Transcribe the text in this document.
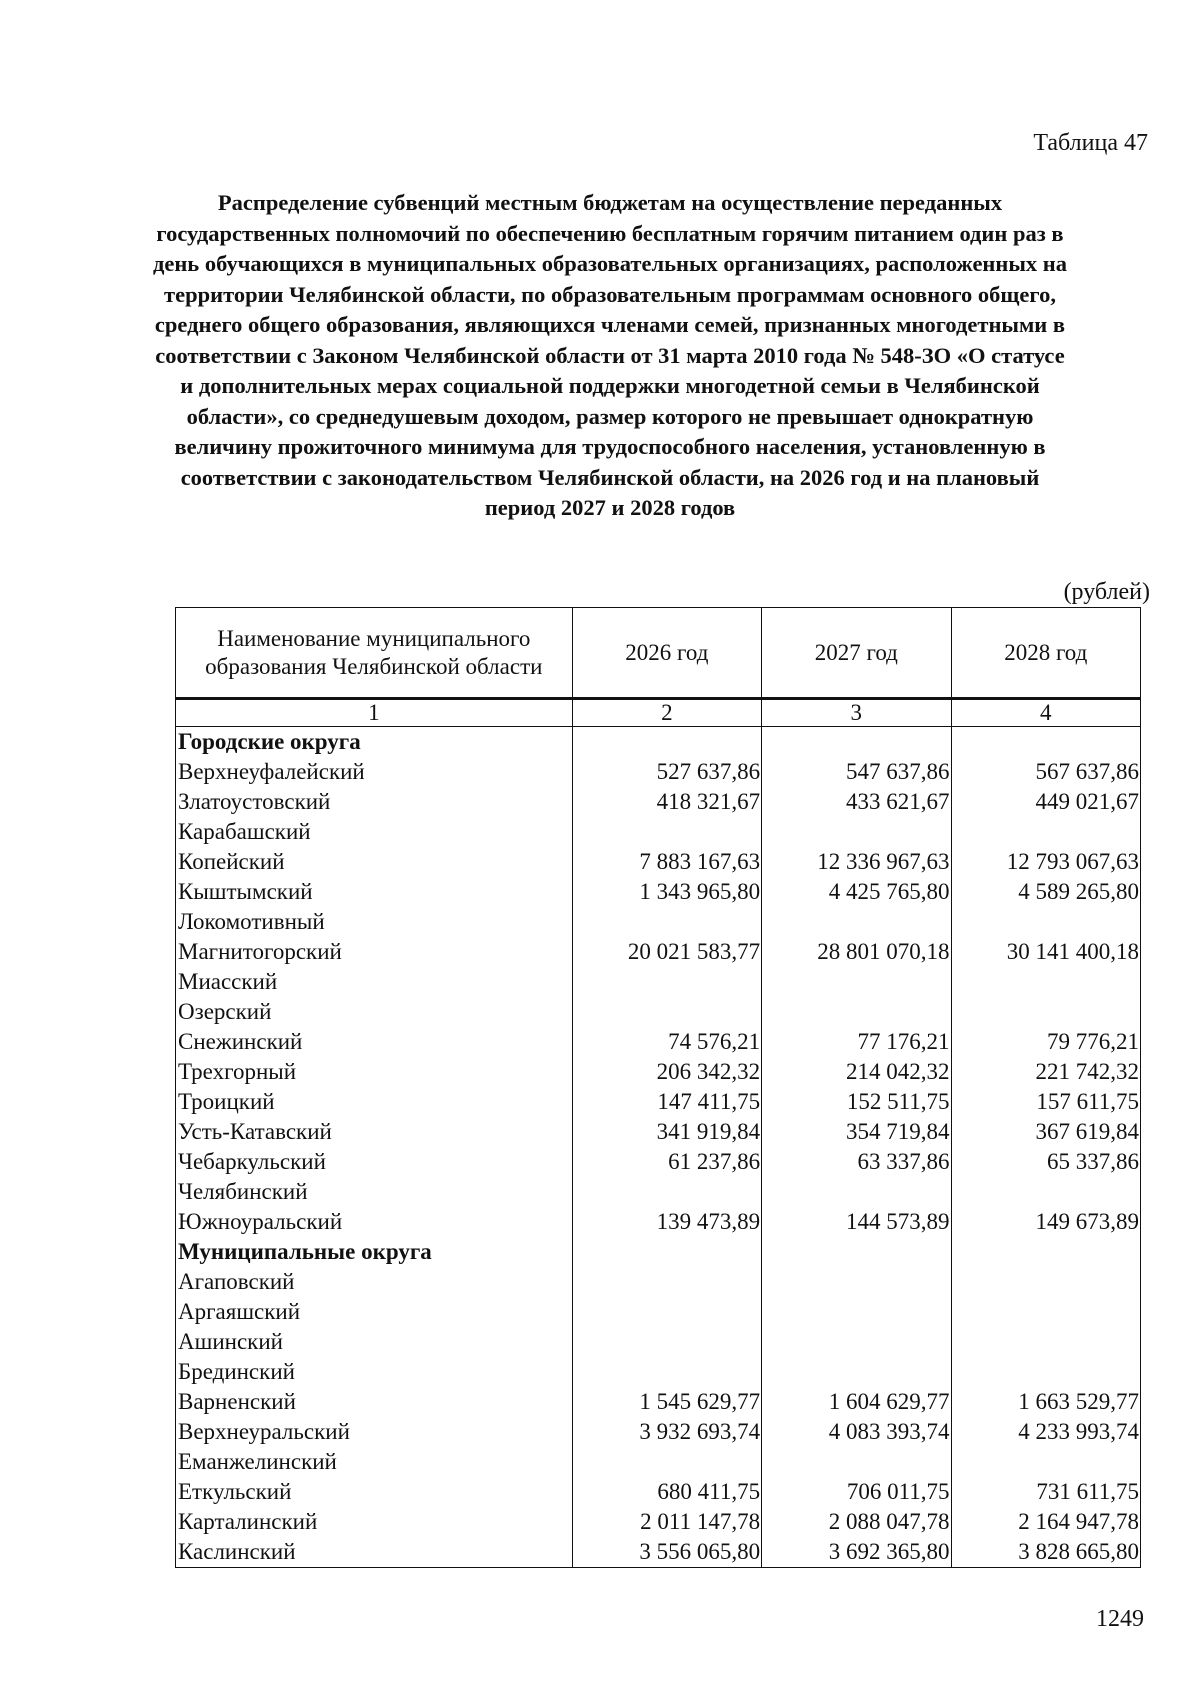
Таблица 47
Распределение субвенций местным бюджетам на осуществление переданных государственных полномочий по обеспечению бесплатным горячим питанием один раз в день обучающихся в муниципальных образовательных организациях, расположенных на территории Челябинской области, по образовательным программам основного общего, среднего общего образования, являющихся членами семей, признанных многодетными в соответствии с Законом Челябинской области от 31 марта 2010 года № 548-ЗО «О статусе и дополнительных мерах социальной поддержки многодетной семьи в Челябинской области», со среднедушевым доходом, размер которого не превышает однократную величину прожиточного минимума для трудоспособного населения, установленную в соответствии с законодательством Челябинской области, на 2026 год и на плановый период 2027 и 2028 годов
(рублей)
Наименование муниципального образования Челябинской области	2026 год	2027 год	2028 год
1	2	3	4
Городские округа			
Верхнеуфалейский	527 637,86	547 637,86	567 637,86
Златоустовский	418 321,67	433 621,67	449 021,67
Карабашский			
Копейский	7 883 167,63	12 336 967,63	12 793 067,63
Кыштымский	1 343 965,80	4 425 765,80	4 589 265,80
Локомотивный			
Магнитогорский	20 021 583,77	28 801 070,18	30 141 400,18
Миасский			
Озерский			
Снежинский	74 576,21	77 176,21	79 776,21
Трехгорный	206 342,32	214 042,32	221 742,32
Троицкий	147 411,75	152 511,75	157 611,75
Усть-Катавский	341 919,84	354 719,84	367 619,84
Чебаркульский	61 237,86	63 337,86	65 337,86
Челябинский			
Южноуральский	139 473,89	144 573,89	149 673,89
Муниципальные округа			
Агаповский			
Аргаяшский			
Ашинский			
Брединский			
Варненский	1 545 629,77	1 604 629,77	1 663 529,77
Верхнеуральский	3 932 693,74	4 083 393,74	4 233 993,74
Еманжелинский			
Еткульский	680 411,75	706 011,75	731 611,75
Карталинский	2 011 147,78	2 088 047,78	2 164 947,78
Каслинский	3 556 065,80	3 692 365,80	3 828 665,80
1249
